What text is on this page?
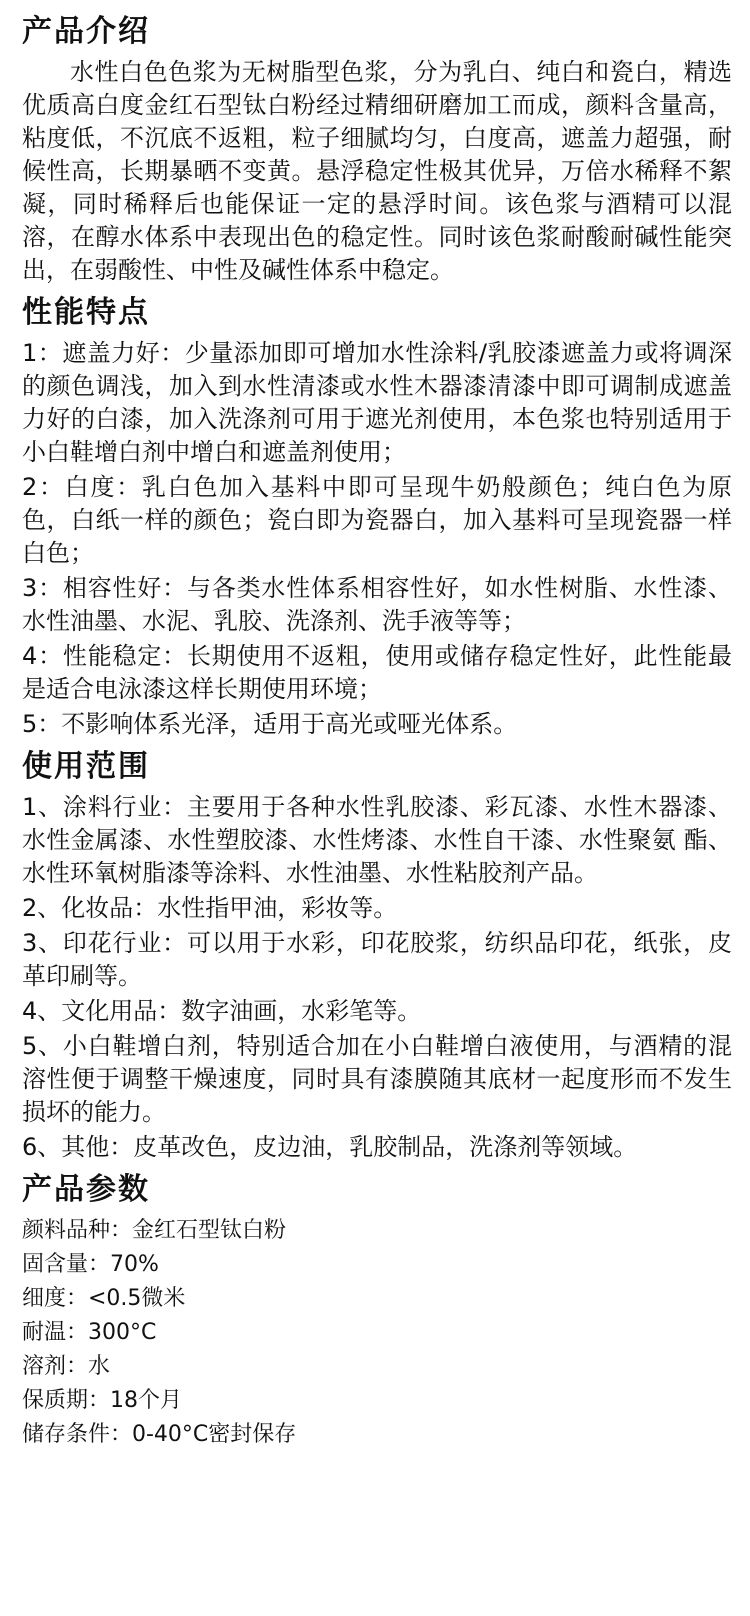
产品介绍

水性白色色浆为无树脂型色浆，分为乳白、纯白和瓷白，精选优质高白度金红石型钛白粉经过精细研磨加工而成，颜料含量高，粘度低，不沉底不返粗，粒子细腻均匀，白度高，遮盖力超强，耐候性高，长期暴晒不变黄。悬浮稳定性极其优异，万倍水稀释不絮凝，同时稀释后也能保证一定的悬浮时间。该色浆与酒精可以混溶，在醇水体系中表现出色的稳定性。同时该色浆耐酸耐碱性能突出，在弱酸性、中性及碱性体系中稳定。

性能特点

1：遮盖力好：少量添加即可增加水性涂料/乳胶漆遮盖力或将调深的颜色调浅，加入到水性清漆或水性木器漆清漆中即可调制成遮盖力好的白漆，加入洗涤剂可用于遮光剂使用，本色浆也特别适用于小白鞋增白剂中增白和遮盖剂使用；

2：白度：乳白色加入基料中即可呈现牛奶般颜色；纯白色为原色，白纸一样的颜色；瓷白即为瓷器白，加入基料可呈现瓷器一样白色；

3：相容性好：与各类水性体系相容性好，如水性树脂、水性漆、水性油墨、水泥、乳胶、洗涤剂、洗手液等等；

4：性能稳定：长期使用不返粗，使用或储存稳定性好，此性能最是适合电泳漆这样长期使用环境；

5：不影响体系光泽，适用于高光或哑光体系。

使用范围

1、涂料行业：主要用于各种水性乳胶漆、彩瓦漆、水性木器漆、水性金属漆、水性塑胶漆、水性烤漆、水性自干漆、水性聚氨 酯、水性环氧树脂漆等涂料、水性油墨、水性粘胶剂产品。

2、化妆品：水性指甲油，彩妆等。

3、印花行业：可以用于水彩，印花胶浆，纺织品印花，纸张，皮革印刷等。

4、文化用品：数字油画，水彩笔等。

5、小白鞋增白剂，特别适合加在小白鞋增白液使用，与酒精的混溶性便于调整干燥速度，同时具有漆膜随其底材一起度形而不发生损坏的能力。

6、其他：皮革改色，皮边油，乳胶制品，洗涤剂等领域。

产品参数

颜料品种：金红石型钛白粉

固含量：70%

细度：<0.5微米

耐温：300°C

溶剂：水

保质期：18个月

储存条件：0-40°C密封保存
